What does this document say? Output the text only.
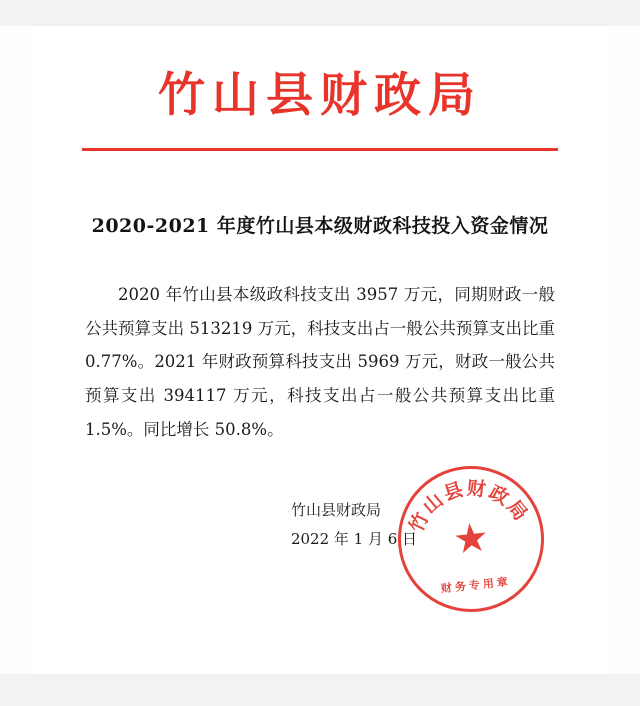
竹山县财政局
2020-2021 年度竹山县本级财政科技投入资金情况
2020 年竹山县本级政科技支出 3957 万元，同期财政一般公共预算支出 513219 万元，科技支出占一般公共预算支出比重 0.77%。2021 年财政预算科技支出 5969 万元，财政一般公共预算支出 394117 万元，科技支出占一般公共预算支出比重 1.5%。同比增长 50.8%。
竹山县财政局
2022 年 1 月 6 日
竹山县财政局
★
财务专用章
